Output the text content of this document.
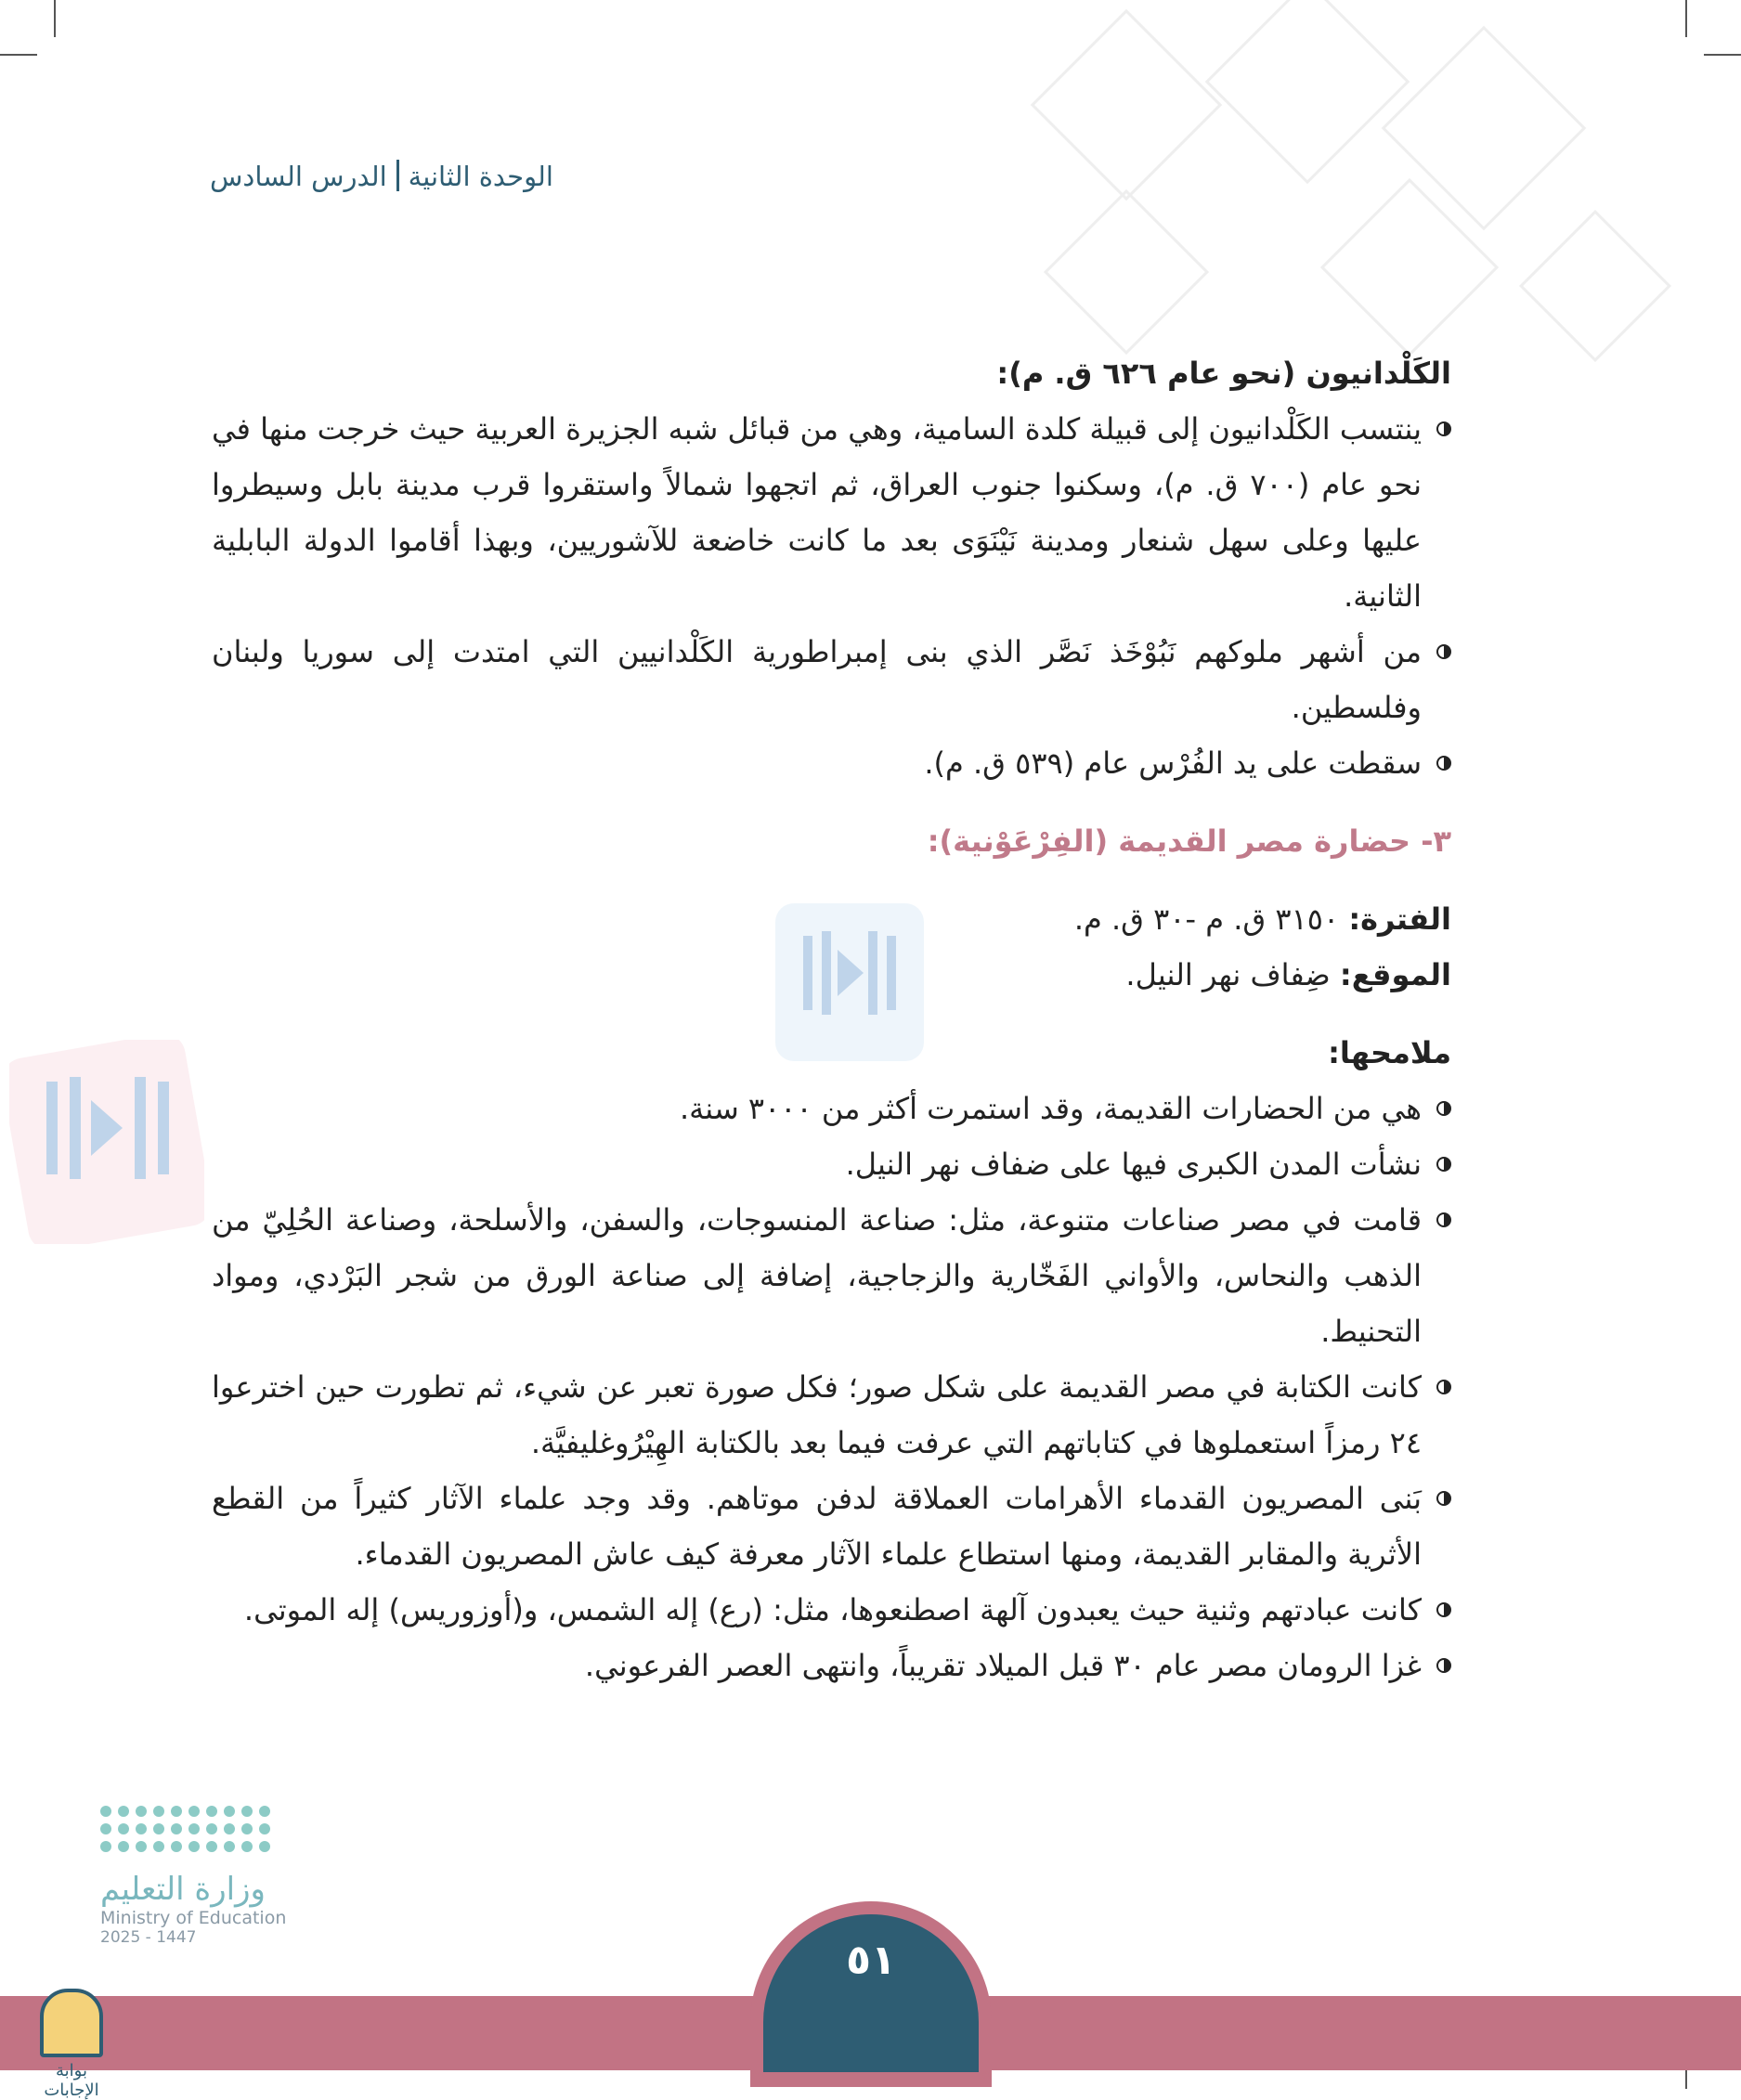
الوحدة الثانيةالدرس السادس

الكَلْدانيون (نحو عام ٦٢٦ ق. م):

ينتسب الكَلْدانيون إلى قبيلة كلدة السامية، وهي من قبائل شبه الجزيرة العربية حيث خرجت منها في نحو عام (٧٠٠ ق. م)، وسكنوا جنوب العراق، ثم اتجهوا شمالاً واستقروا قرب مدينة بابل وسيطروا عليها وعلى سهل شنعار ومدينة نَيْنَوَى بعد ما كانت خاضعة للآشوريين، وبهذا أقاموا الدولة البابلية الثانية.
من أشهر ملوكهم نَبُوْخَذ نَصَّر الذي بنى إمبراطورية الكَلْدانيين التي امتدت إلى سوريا ولبنان وفلسطين.
سقطت على يد الفُرْس عام (٥٣٩ ق. م).

٣- حضارة مصر القديمة (الفِرْعَوْنية):

الفترة: ٣١٥٠ ق. م -٣٠ ق. م.

الموقع: ضِفاف نهر النيل.

ملامحها:

هي من الحضارات القديمة، وقد استمرت أكثر من ٣٠٠٠ سنة.
نشأت المدن الكبرى فيها على ضفاف نهر النيل.
قامت في مصر صناعات متنوعة، مثل: صناعة المنسوجات، والسفن، والأسلحة، وصناعة الحُلِيّ من الذهب والنحاس، والأواني الفَخّارية والزجاجية، إضافة إلى صناعة الورق من شجر البَرْدي، ومواد التحنيط.
كانت الكتابة في مصر القديمة على شكل صور؛ فكل صورة تعبر عن شيء، ثم تطورت حين اخترعوا ٢٤ رمزاً استعملوها في كتاباتهم التي عرفت فيما بعد بالكتابة الهِيْرُوغليفيَّة.
بَنى المصريون القدماء الأهرامات العملاقة لدفن موتاهم. وقد وجد علماء الآثار كثيراً من القطع الأثرية والمقابر القديمة، ومنها استطاع علماء الآثار معرفة كيف عاش المصريون القدماء.
كانت عبادتهم وثنية حيث يعبدون آلهة اصطنعوها، مثل: (رع) إله الشمس، و(أوزوريس) إله الموتى.
غزا الرومان مصر عام ٣٠ قبل الميلاد تقريباً، وانتهى العصر الفرعوني.
وزارة التعليم
Ministry of Education
2025 - 1447	٥١
بوابة الإجابات
